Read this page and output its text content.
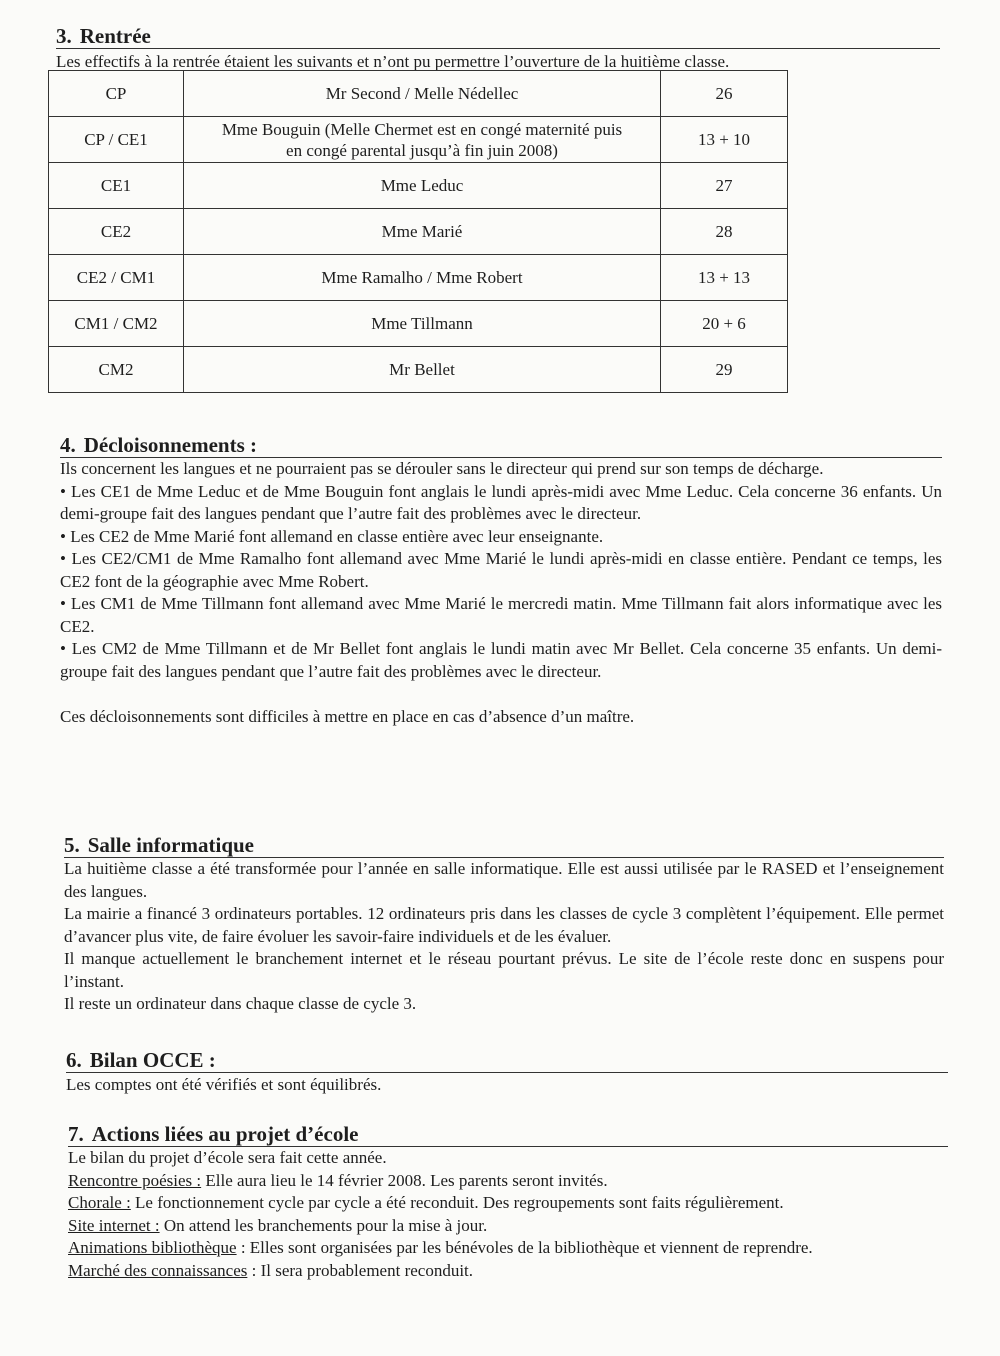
3. Rentrée

Les effectifs à la rentrée étaient les suivants et n’ont pu permettre l’ouverture de la huitième classe.

CP	Mr Second / Melle Nédellec	26
CP / CE1	Mme Bouguin (Melle Chermet est en congé maternité puis en congé parental jusqu’à fin juin 2008)	13 + 10
CE1	Mme Leduc	27
CE2	Mme Marié	28
CE2 / CM1	Mme Ramalho / Mme Robert	13 + 13
CM1 / CM2	Mme Tillmann	20 + 6
CM2	Mr Bellet	29
4. Décloisonnements :

Ils concernent les langues et ne pourraient pas se dérouler sans le directeur qui prend sur son temps de décharge.

• Les CE1 de Mme Leduc et de Mme Bouguin font anglais le lundi après-midi avec Mme Leduc. Cela concerne 36 enfants. Un demi-groupe fait des langues pendant que l’autre fait des problèmes avec le directeur.

• Les CE2 de Mme Marié font allemand en classe entière avec leur enseignante.

• Les CE2/CM1 de Mme Ramalho font allemand avec Mme Marié le lundi après-midi en classe entière. Pendant ce temps, les CE2 font de la géographie avec Mme Robert.

• Les CM1 de Mme Tillmann font allemand avec Mme Marié le mercredi matin. Mme Tillmann fait alors informatique avec les CE2.

• Les CM2 de Mme Tillmann et de Mr Bellet font anglais le lundi matin avec Mr Bellet. Cela concerne 35 enfants. Un demi-groupe fait des langues pendant que l’autre fait des problèmes avec le directeur.

Ces décloisonnements sont difficiles à mettre en place en cas d’absence d’un maître.

5. Salle informatique

La huitième classe a été transformée pour l’année en salle informatique. Elle est aussi utilisée par le RASED et l’enseignement des langues.

La mairie a financé 3 ordinateurs portables. 12 ordinateurs pris dans les classes de cycle 3 complètent l’équipement. Elle permet d’avancer plus vite, de faire évoluer les savoir-faire individuels et de les évaluer.

Il manque actuellement le branchement internet et le réseau pourtant prévus. Le site de l’école reste donc en suspens pour l’instant.

Il reste un ordinateur dans chaque classe de cycle 3.

6. Bilan OCCE :

Les comptes ont été vérifiés et sont équilibrés.

7. Actions liées au projet d’école

Le bilan du projet d’école sera fait cette année.

Rencontre poésies : Elle aura lieu le 14 février 2008. Les parents seront invités.

Chorale : Le fonctionnement cycle par cycle a été reconduit. Des regroupements sont faits régulièrement.

Site internet : On attend les branchements pour la mise à jour.

Animations bibliothèque : Elles sont organisées par les bénévoles de la bibliothèque et viennent de reprendre.

Marché des connaissances : Il sera probablement reconduit.
